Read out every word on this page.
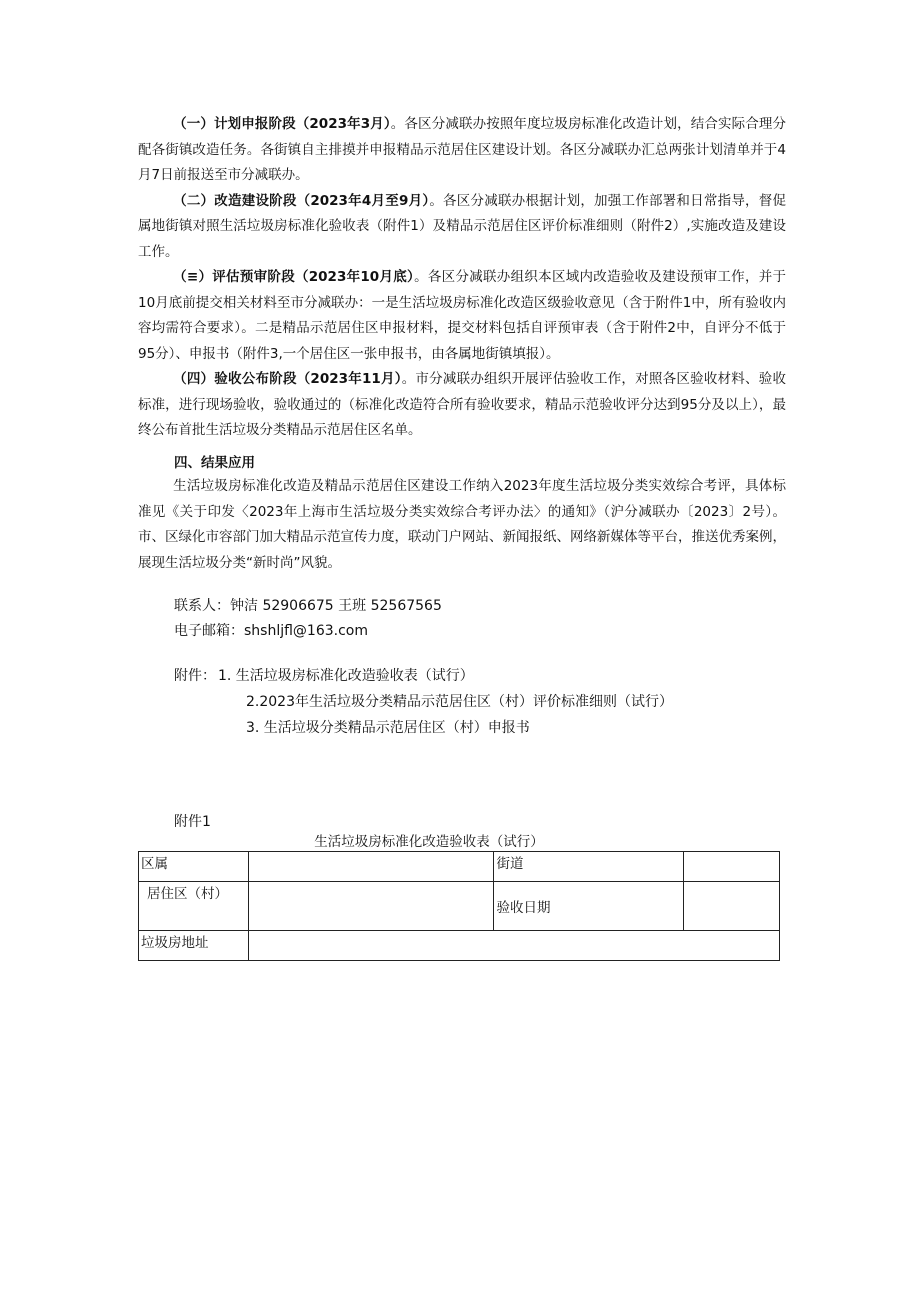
（一）计划申报阶段（2023年3月）。各区分减联办按照年度垃圾房标准化改造计划，结合实际合理分配各街镇改造任务。各街镇自主排摸并申报精品示范居住区建设计划。各区分减联办汇总两张计划清单并于4月7日前报送至市分减联办。

（二）改造建设阶段（2023年4月至9月）。各区分减联办根据计划，加强工作部署和日常指导，督促属地街镇对照生活垃圾房标准化验收表（附件1）及精品示范居住区评价标准细则（附件2）,实施改造及建设工作。

（≡）评估预审阶段（2023年10月底）。各区分减联办组织本区域内改造验收及建设预审工作，并于10月底前提交相关材料至市分减联办：一是生活垃圾房标准化改造区级验收意见（含于附件1中，所有验收内容均需符合要求）。二是精品示范居住区申报材料，提交材料包括自评预审表（含于附件2中，自评分不低于95分）、申报书（附件3,一个居住区一张申报书，由各属地街镇填报）。

（四）验收公布阶段（2023年11月）。市分减联办组织开展评估验收工作，对照各区验收材料、验收标准，进行现场验收，验收通过的（标准化改造符合所有验收要求，精品示范验收评分达到95分及以上），最终公布首批生活垃圾分类精品示范居住区名单。

四、结果应用

生活垃圾房标准化改造及精品示范居住区建设工作纳入2023年度生活垃圾分类实效综合考评，具体标准见《关于印发〈2023年上海市生活垃圾分类实效综合考评办法〉的通知》（沪分减联办〔2023〕2号）。市、区绿化市容部门加大精品示范宣传力度，联动门户网站、新闻报纸、网络新媒体等平台，推送优秀案例，展现生活垃圾分类“新时尚”风貌。

联系人：钟洁 52906675 王班 52567565
电子邮箱：shshljfl@163.com
附件： 1. 生活垃圾房标准化改造验收表（试行）
2.2023年生活垃圾分类精品示范居住区（村）评价标准细则（试行）
3. 生活垃圾分类精品示范居住区（村）申报书
附件1
生活垃圾房标准化改造验收表（试行）
区属		街道	
居住区（村）		验收日期	
垃圾房地址			
